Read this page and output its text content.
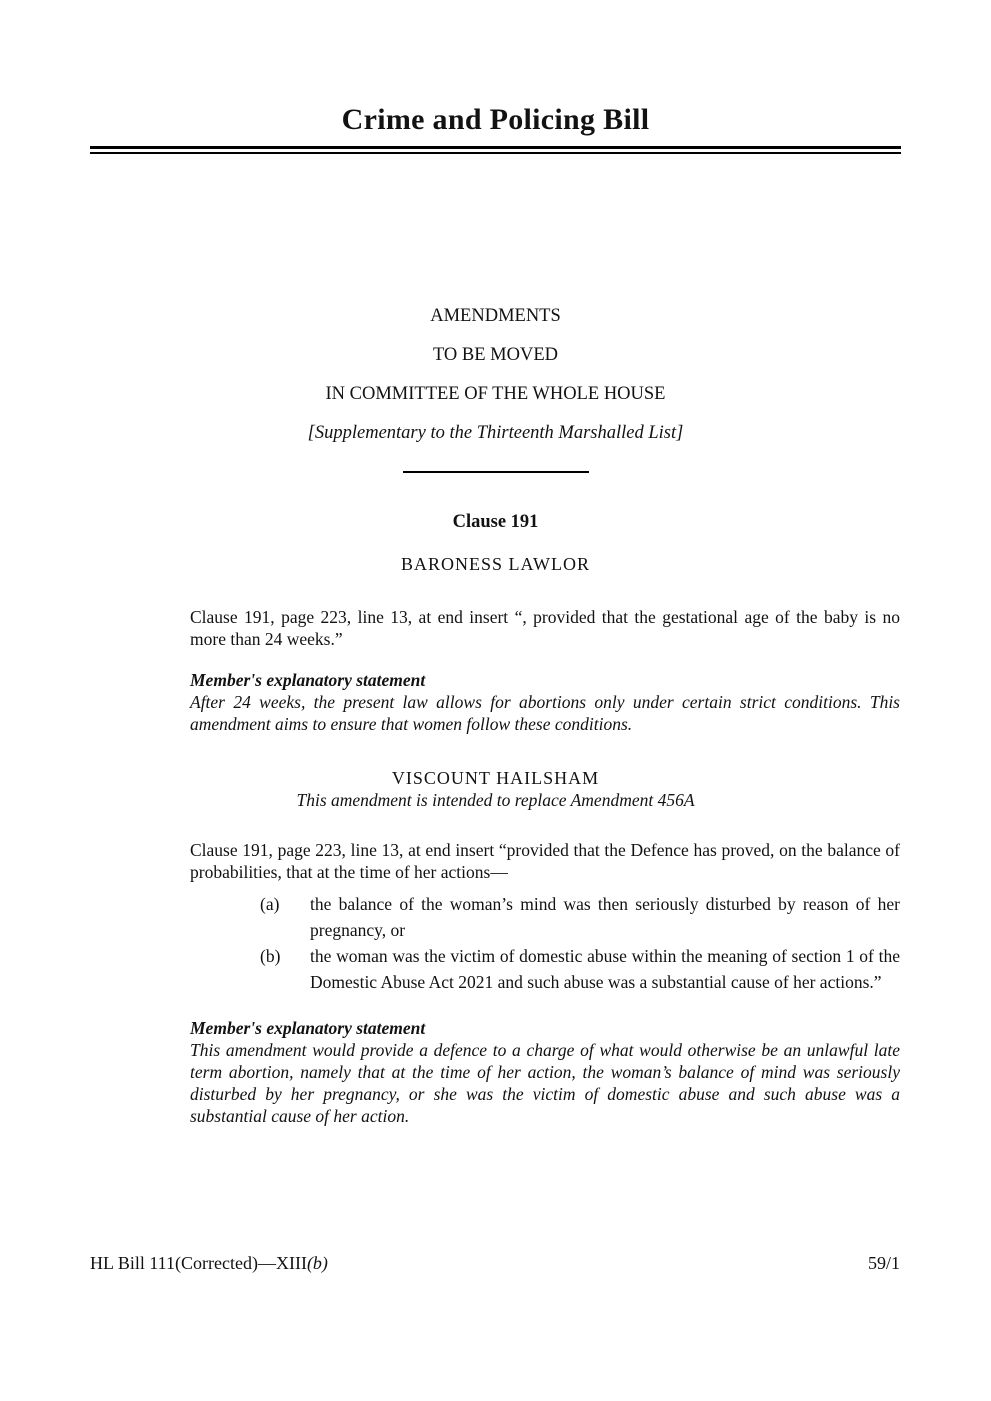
Crime and Policing Bill
AMENDMENTS
TO BE MOVED
IN COMMITTEE OF THE WHOLE HOUSE
[Supplementary to the Thirteenth Marshalled List]
Clause 191
BARONESS LAWLOR
Clause 191, page 223, line 13, at end insert “, provided that the gestational age of the baby is no more than 24 weeks.”
Member's explanatory statement
After 24 weeks, the present law allows for abortions only under certain strict conditions. This amendment aims to ensure that women follow these conditions.
VISCOUNT HAILSHAM
This amendment is intended to replace Amendment 456A
Clause 191, page 223, line 13, at end insert “provided that the Defence has proved, on the balance of probabilities, that at the time of her actions—
(a)	the balance of the woman’s mind was then seriously disturbed by reason of her pregnancy, or
(b)	the woman was the victim of domestic abuse within the meaning of section 1 of the Domestic Abuse Act 2021 and such abuse was a substantial cause of her actions.”
Member's explanatory statement
This amendment would provide a defence to a charge of what would otherwise be an unlawful late term abortion, namely that at the time of her action, the woman’s balance of mind was seriously disturbed by her pregnancy, or she was the victim of domestic abuse and such abuse was a substantial cause of her action.
HL Bill 111(Corrected)—XIII(b)	59/1
